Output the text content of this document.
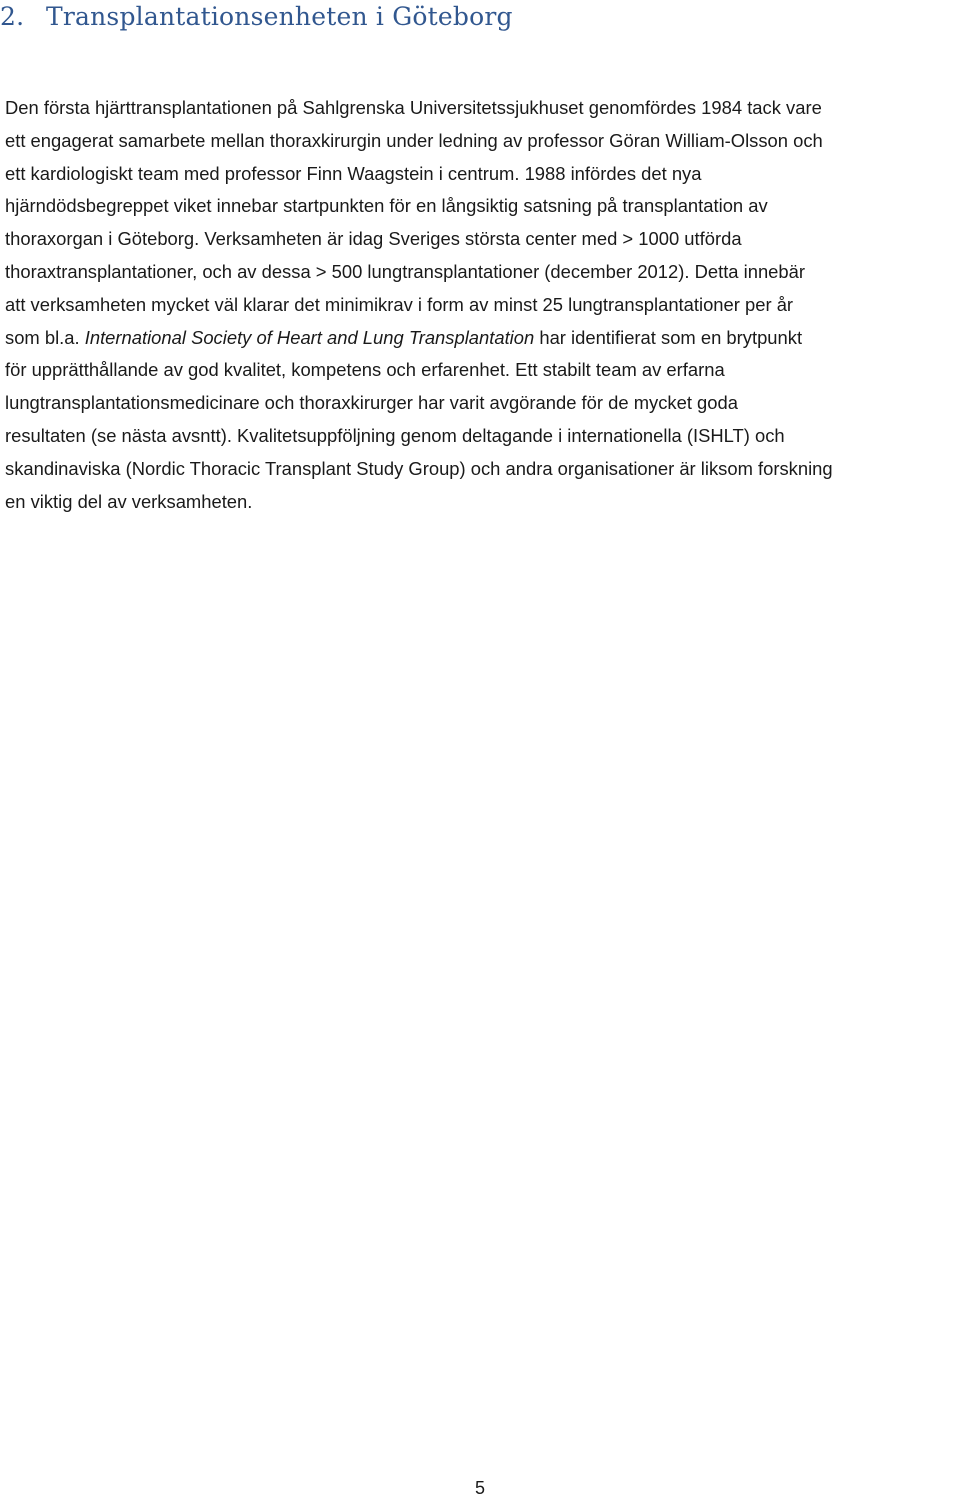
2. Transplantationsenheten i Göteborg

Den första hjärttransplantationen på Sahlgrenska Universitetssjukhuset genomfördes 1984 tack vare
ett engagerat samarbete mellan thoraxkirurgin under ledning av professor Göran William-Olsson och
ett kardiologiskt team med professor Finn Waagstein i centrum. 1988 infördes det nya
hjärndödsbegreppet viket innebar startpunkten för en långsiktig satsning på transplantation av
thoraxorgan i Göteborg. Verksamheten är idag Sveriges största center med > 1000 utförda
thoraxtransplantationer, och av dessa > 500 lungtransplantationer (december 2012). Detta innebär
att verksamheten mycket väl klarar det minimikrav i form av minst 25 lungtransplantationer per år
som bl.a. International Society of Heart and Lung Transplantation har identifierat som en brytpunkt
för upprätthållande av god kvalitet, kompetens och erfarenhet. Ett stabilt team av erfarna
lungtransplantationsmedicinare och thoraxkirurger har varit avgörande för de mycket goda
resultaten (se nästa avsntt). Kvalitetsuppföljning genom deltagande i internationella (ISHLT) och
skandinaviska (Nordic Thoracic Transplant Study Group) och andra organisationer är liksom forskning
en viktig del av verksamheten.

5
